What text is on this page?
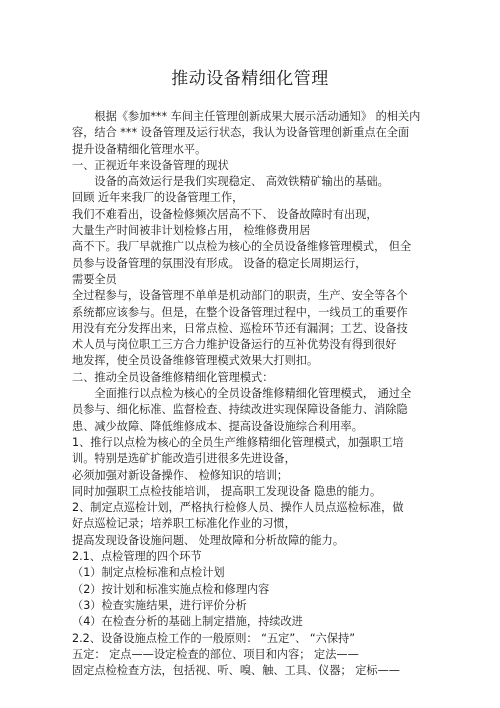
推动设备精细化管理

　　根据《参加*** 车间主任管理创新成果大展示活动通知》 的相关内

容，结合 *** 设备管理及运行状态，我认为设备管理创新重点在全面

提升设备精细化管理水平。

一、正视近年来设备管理的现状

　　设备的高效运行是我们实现稳定、 高效铁精矿输出的基础。

回顾 近年来我厂的设备管理工作，

我们不难看出，设备检修频次居高不下、 设备故障时有出现，

大量生产时间被非计划检修占用， 检维修费用居

高不下。我厂早就推广以点检为核心的全员设备维修管理模式， 但全

员参与设备管理的氛围没有形成。 设备的稳定长周期运行，

需要全员

全过程参与，设备管理不单单是机动部门的职责，生产、安全等各个

系统都应该参与。但是，在整个设备管理过程中，一线员工的重要作

用没有充分发挥出来，日常点检、巡检环节还有漏洞；工艺、设备技

术人员与岗位职工三方合力维护设备运行的互补优势没有得到很好

地发挥，使全员设备维修管理模式效果大打则扣。

二、推动全员设备维修精细化管理模式：

　　全面推行以点检为核心的全员设备维修精细化管理模式， 通过全

员参与、细化标准、监督检查、持续改进实现保障设备能力、消除隐

患、减少故障、降低维修成本、提高设备设施综合利用率。

1、推行以点检为核心的全员生产维修精细化管理模式，加强职工培

训。特别是选矿扩能改造引进很多先进设备，

必须加强对新设备操作、 检修知识的培训；

同时加强职工点检技能培训， 提高职工发现设备 隐患的能力。

2、制定点巡检计划，严格执行检修人员、操作人员点巡检标准，做

好点巡检记录；培养职工标准化作业的习惯，

提高发现设备设施问题、 处理故障和分析故障的能力。

2.1、点检管理的四个环节

（1）制定点检标准和点检计划

（2）按计划和标准实施点检和修理内容

（3）检查实施结果，进行评价分析

（4）在检查分析的基础上制定措施，持续改进

2.2、设备设施点检工作的一般原则： “五定”、 “六保持”

五定： 定点——设定检查的部位、项目和内容； 定法——

固定点检检查方法，包括视、听、嗅、触、工具、仪器； 定标——
